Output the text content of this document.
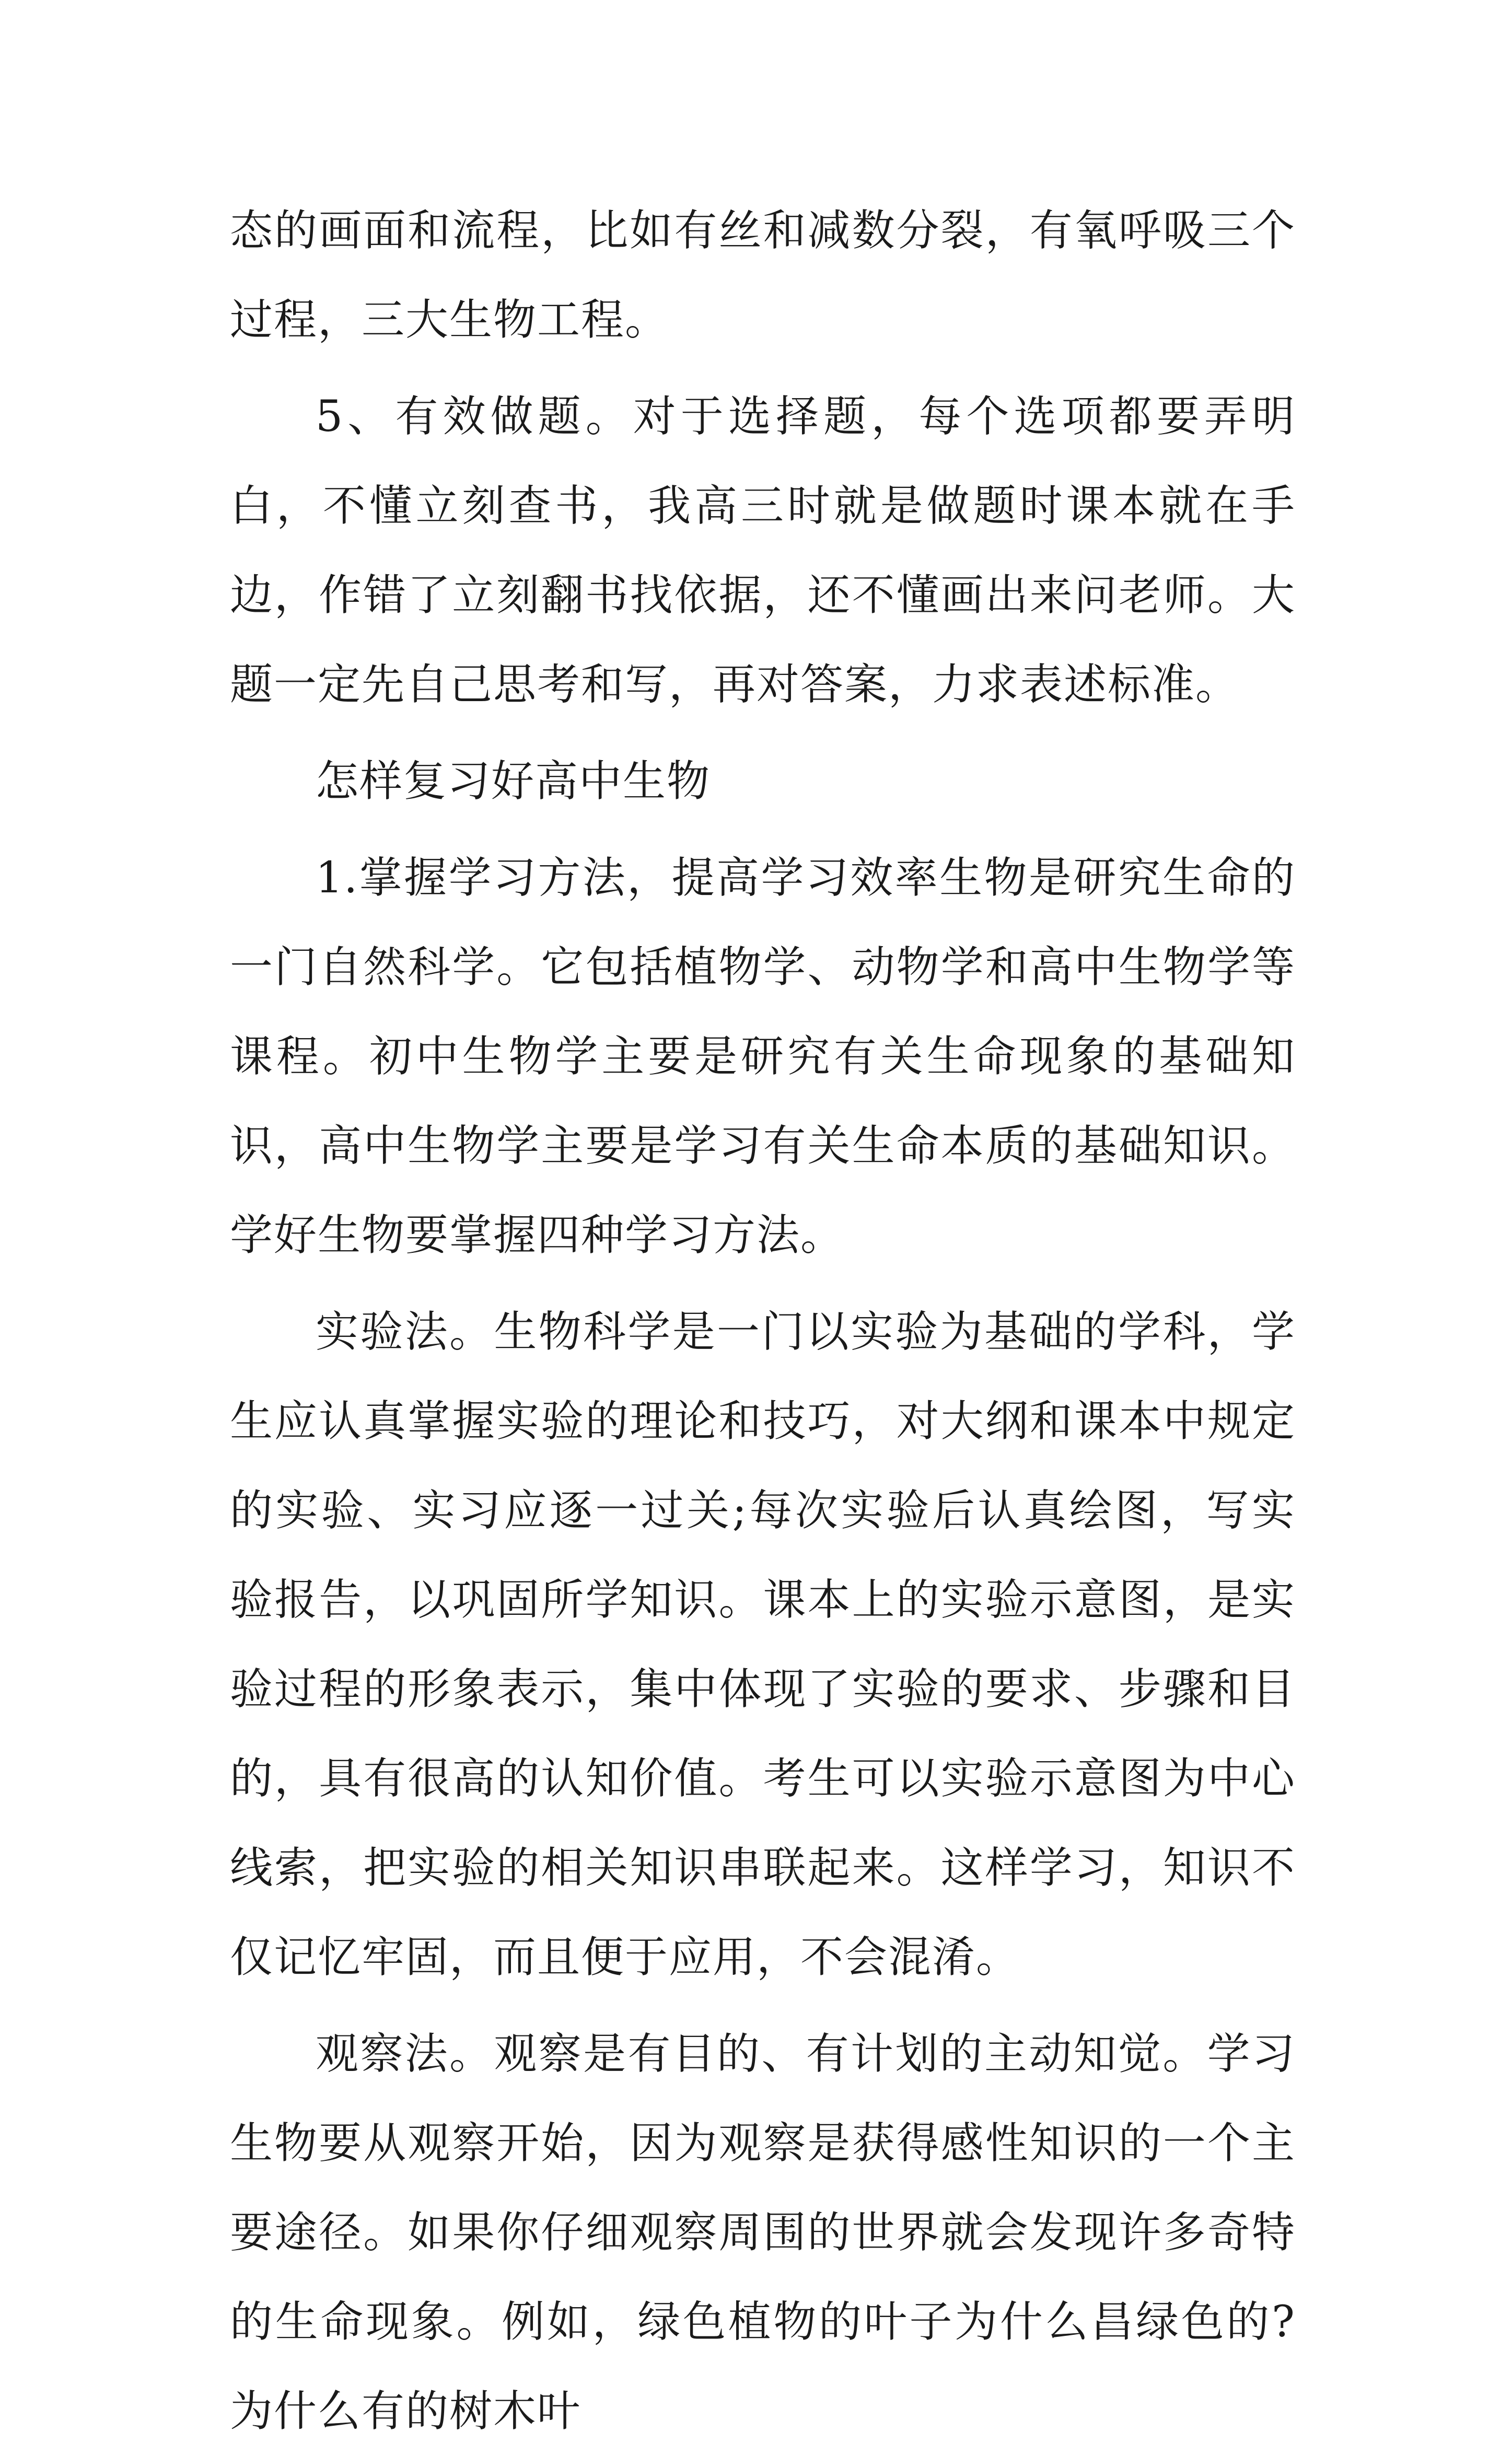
态的画面和流程，比如有丝和减数分裂，有氧呼吸三个过程，三大生物工程。

5、有效做题。对于选择题，每个选项都要弄明白，不懂立刻查书，我高三时就是做题时课本就在手边，作错了立刻翻书找依据，还不懂画出来问老师。大题一定先自己思考和写，再对答案，力求表述标准。

怎样复习好高中生物

1.掌握学习方法，提高学习效率生物是研究生命的一门自然科学。它包括植物学、动物学和高中生物学等课程。初中生物学主要是研究有关生命现象的基础知识，高中生物学主要是学习有关生命本质的基础知识。学好生物要掌握四种学习方法。

实验法。生物科学是一门以实验为基础的学科，学生应认真掌握实验的理论和技巧，对大纲和课本中规定的实验、实习应逐一过关;每次实验后认真绘图，写实验报告，以巩固所学知识。课本上的实验示意图，是实验过程的形象表示，集中体现了实验的要求、步骤和目的，具有很高的认知价值。考生可以实验示意图为中心线索，把实验的相关知识串联起来。这样学习，知识不仅记忆牢固，而且便于应用，不会混淆。

观察法。观察是有目的、有计划的主动知觉。学习生物要从观察开始，因为观察是获得感性知识的一个主要途径。如果你仔细观察周围的世界就会发现许多奇特的生命现象。例如，绿色植物的叶子为什么昌绿色的?为什么有的树木叶
